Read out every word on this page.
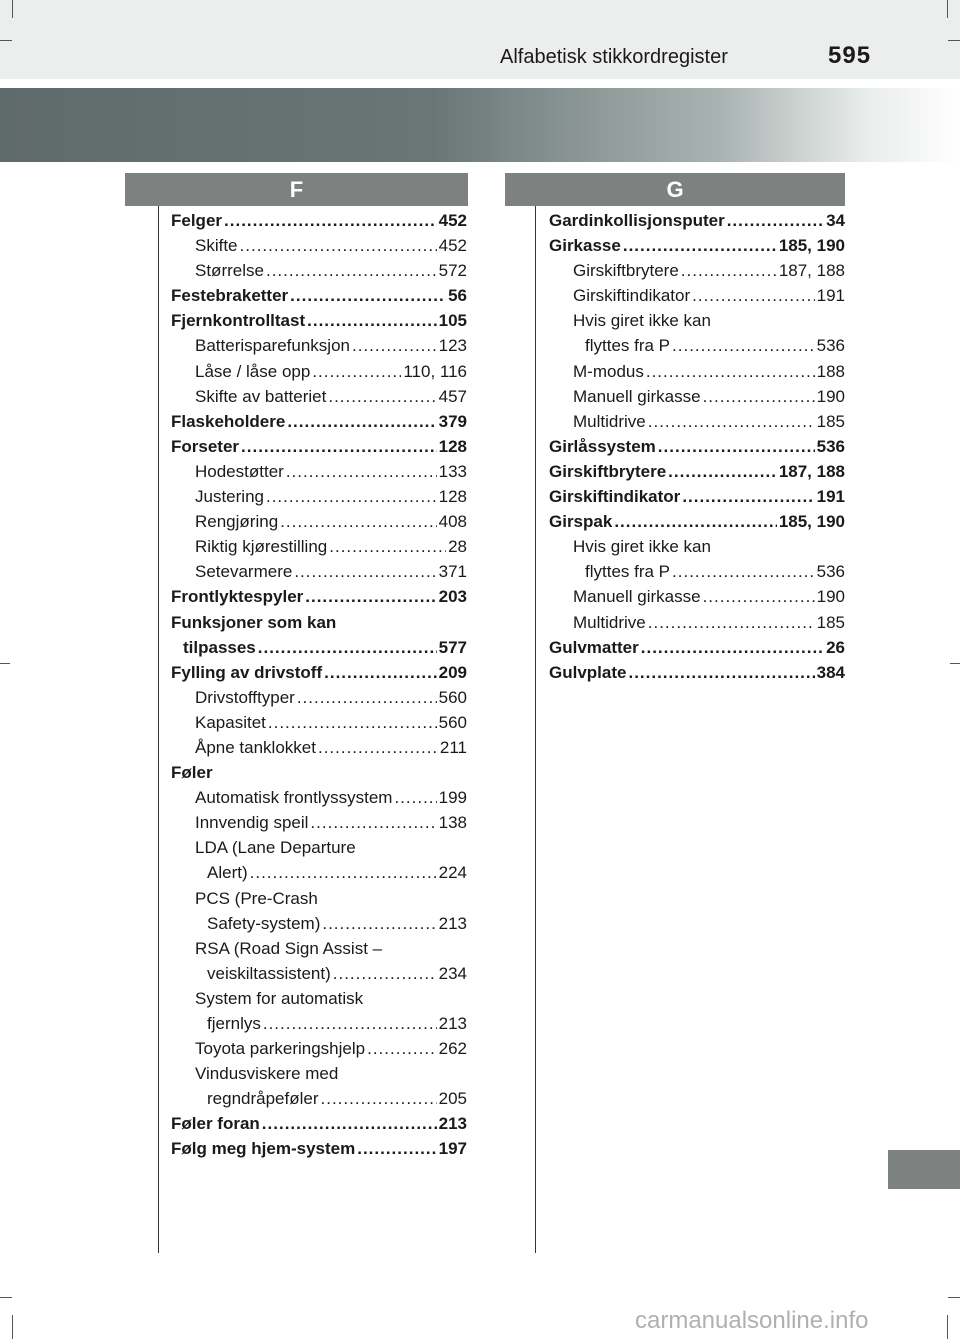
Alfabetisk stikkordregister	595
F	G
Felger .....	452
Skifte .....	452
Størrelse .....	572
Festebraketter .....	56
Fjernkontrolltast .....	105
Batterisparefunksjon .....	123
Låse / låse opp .....	110, 116
Skifte av batteriet .....	457
Flaskeholdere .....	379
Forseter .....	128
Hodestøtter .....	133
Justering .....	128
Rengjøring .....	408
Riktig kjørestilling .....	28
Setevarmere .....	371
Frontlyktespyler .....	203
Funksjoner som kan
tilpasses .....	577
Fylling av drivstoff .....	209
Drivstofftyper .....	560
Kapasitet .....	560
Åpne tanklokket .....	211
Føler
Automatisk frontlyssystem .....	199
Innvendig speil .....	138
LDA (Lane Departure
Alert) .....	224
PCS (Pre-Crash
Safety-system) .....	213
RSA (Road Sign Assist –
veiskiltassistent) .....	234
System for automatisk
fjernlys .....	213
Toyota parkeringshjelp .....	262
Vindusviskere med
regndråpeføler .....	205
Føler foran .....	213
Følg meg hjem-system .....	197
Gardinkollisjonsputer .....	34
Girkasse .....	185, 190
Girskiftbrytere .....	187, 188
Girskiftindikator .....	191
Hvis giret ikke kan
flyttes fra P .....	536
M-modus .....	188
Manuell girkasse .....	190
Multidrive .....	185
Girlåssystem .....	536
Girskiftbrytere .....	187, 188
Girskiftindikator .....	191
Girspak .....	185, 190
Hvis giret ikke kan
flyttes fra P .....	536
Manuell girkasse .....	190
Multidrive .....	185
Gulvmatter .....	26
Gulvplate .....	384
carmanualsonline.info
